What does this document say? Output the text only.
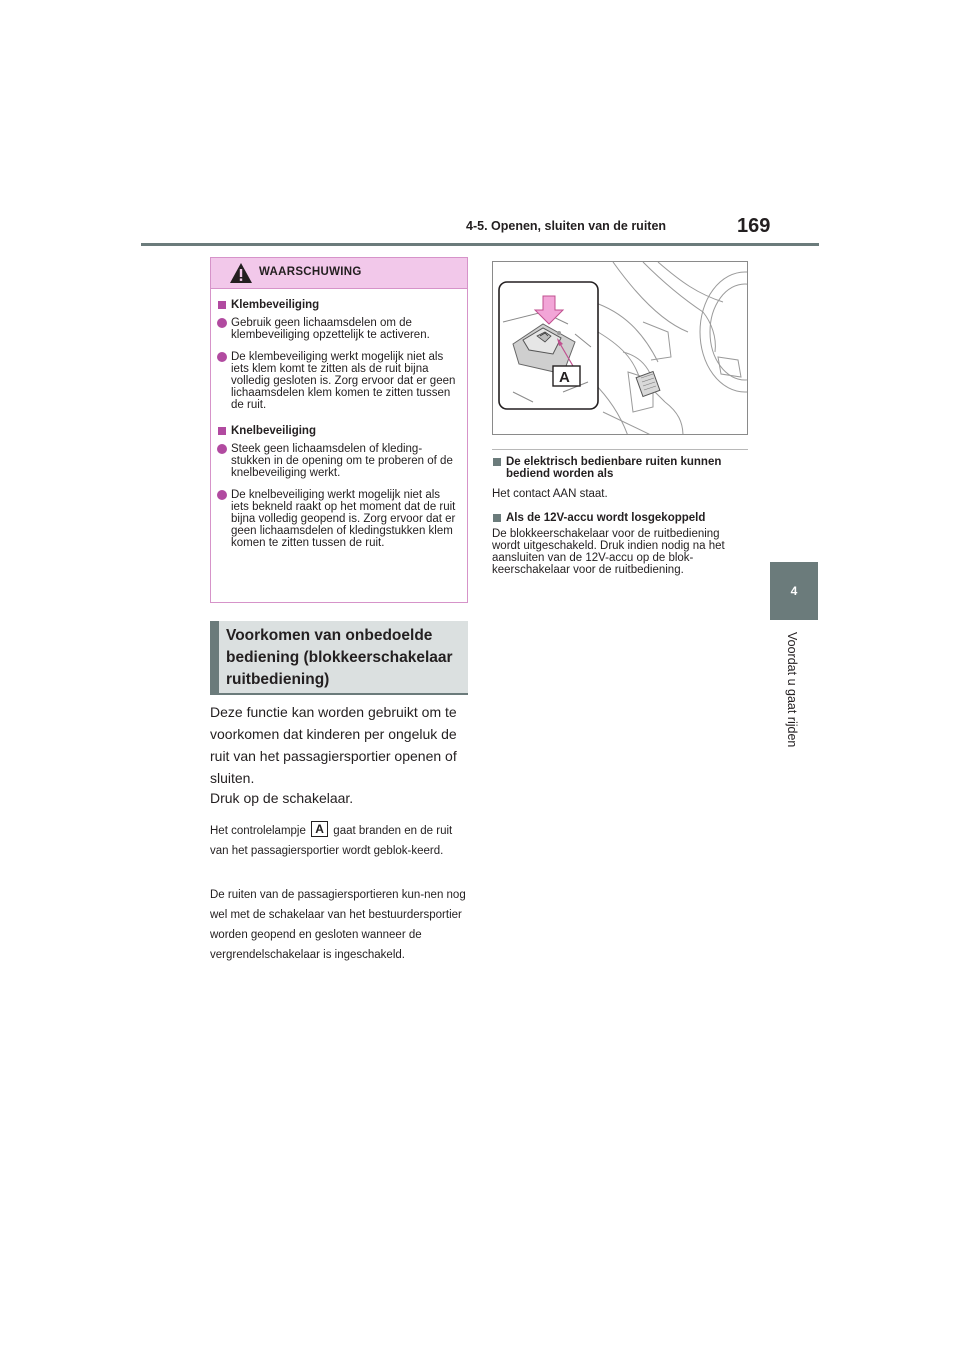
4-5. Openen, sluiten van de ruiten	169
4
Voordat u gaat rijden
WAARSCHUWING
Klembeveiliging
Gebruik geen lichaamsdelen om de klembeveiliging opzettelijk te activeren.
De klembeveiliging werkt mogelijk niet als iets klem komt te zitten als de ruit bijna volledig gesloten is. Zorg ervoor dat er geen lichaamsdelen klem komen te zitten tussen de ruit.
Knelbeveiliging
Steek geen lichaamsdelen of kleding-stukken in de opening om te proberen of de knelbeveiliging werkt.
De knelbeveiliging werkt mogelijk niet als iets bekneld raakt op het moment dat de ruit bijna volledig geopend is. Zorg ervoor dat er geen lichaamsdelen of kledingstukken klem komen te zitten tussen de ruit.
Voorkomen van onbedoelde bediening (blokkeerschakelaar ruitbediening)
Deze functie kan worden gebruikt om te voorkomen dat kinderen per ongeluk de ruit van het passagiersportier openen of sluiten.
Druk op de schakelaar.
Het controlelampje A gaat branden en de ruit van het passagiersportier wordt geblok-keerd.
De ruiten van de passagiersportieren kun-nen nog wel met de schakelaar van het bestuurdersportier worden geopend en gesloten wanneer de vergrendelschakelaar is ingeschakeld.
A
De elektrisch bedienbare ruiten kunnen bediend worden als
Het contact AAN staat.
Als de 12V-accu wordt losgekoppeld
De blokkeerschakelaar voor de ruitbediening wordt uitgeschakeld. Druk indien nodig na het aansluiten van de 12V-accu op de blok-keerschakelaar voor de ruitbediening.
